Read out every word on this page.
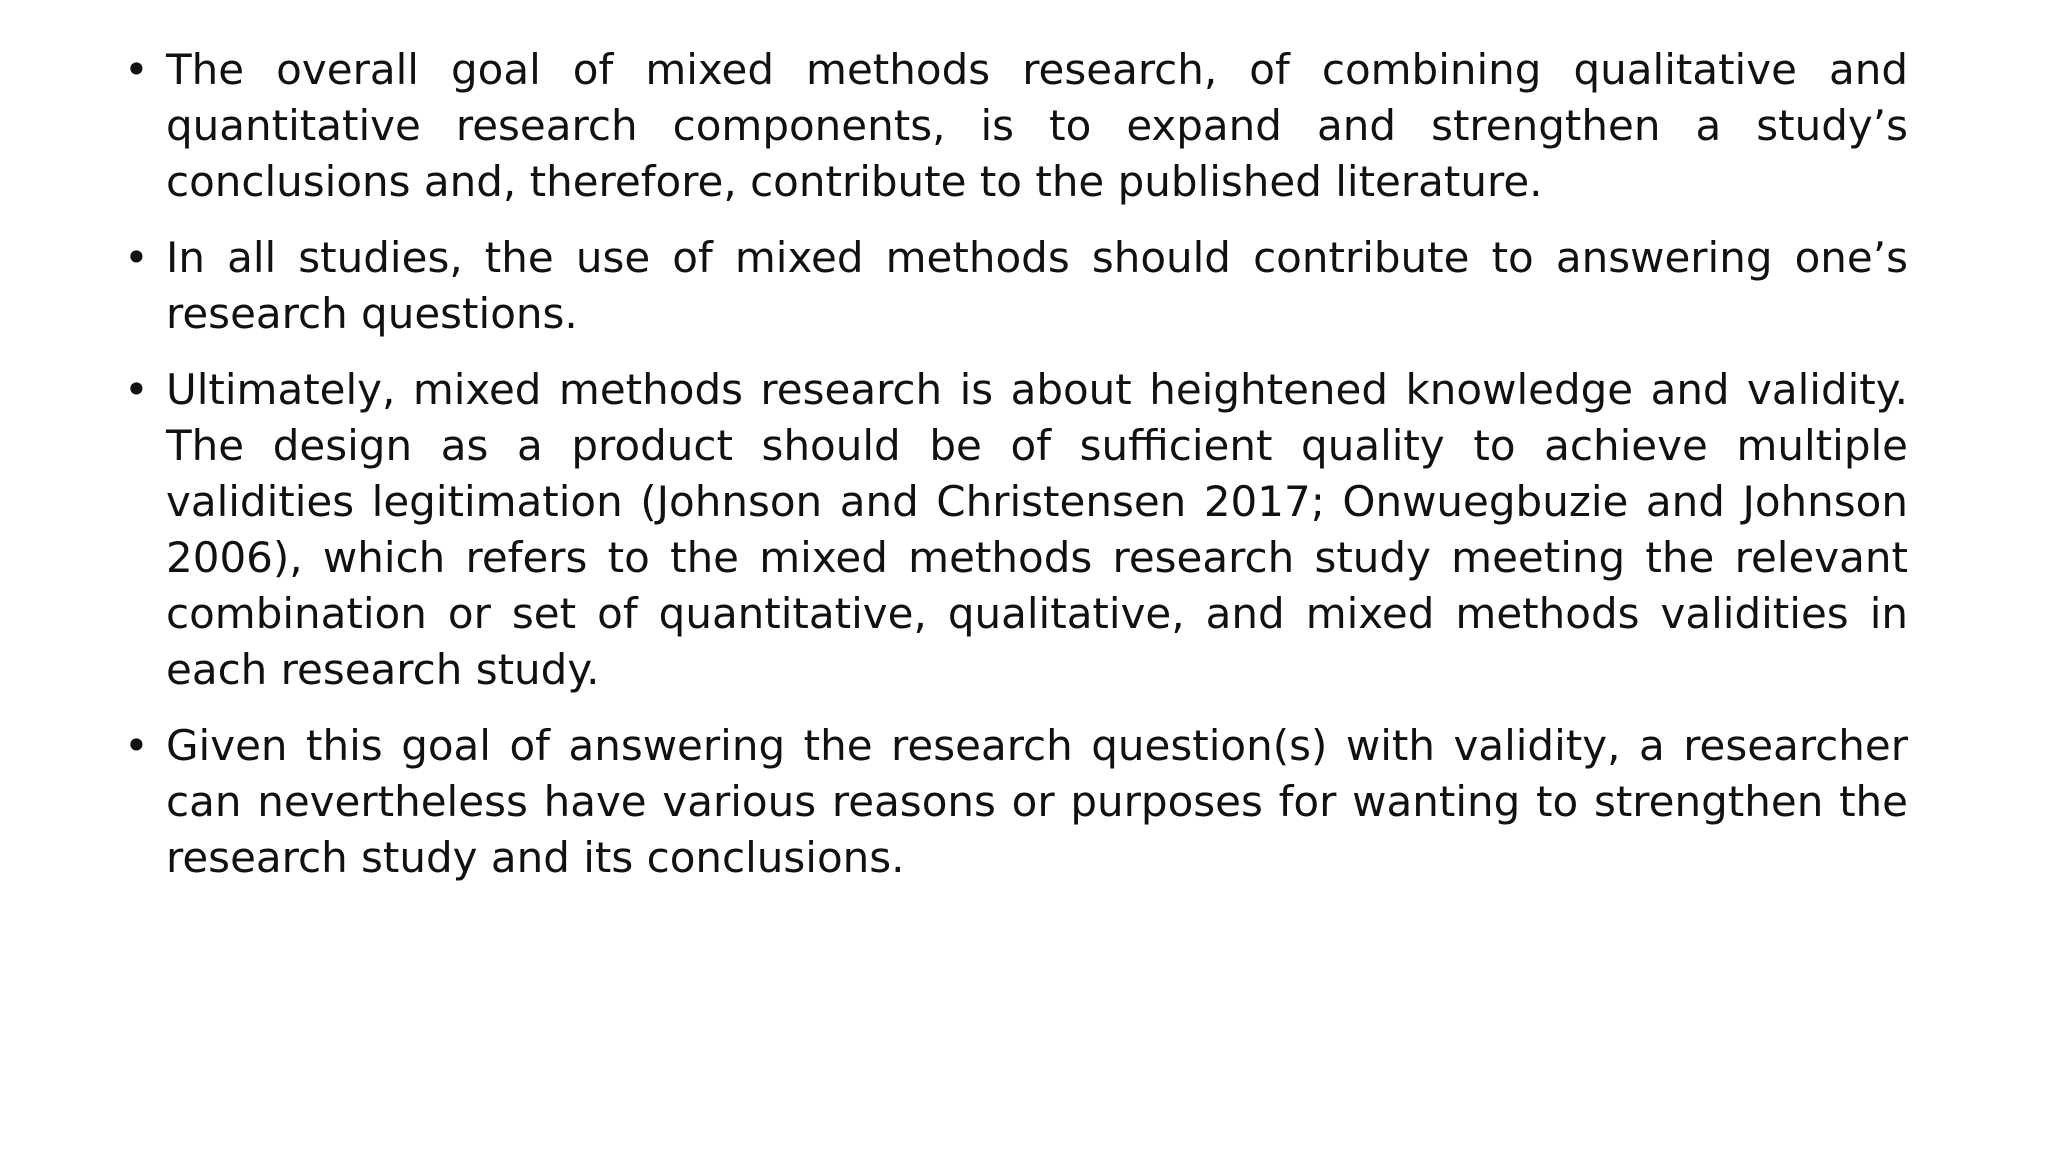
• The overall goal of mixed methods research, of combining qualitative and quantitative research components, is to expand and strengthen a study’s conclusions and, therefore, contribute to the published literature.
• In all studies, the use of mixed methods should contribute to answering one’s research questions.
• Ultimately, mixed methods research is about heightened knowledge and validity. The design as a product should be of sufficient quality to achieve multiple validities legitimation (Johnson and Christensen 2017; Onwuegbuzie and Johnson 2006), which refers to the mixed methods research study meeting the relevant combination or set of quantitative, qualitative, and mixed methods validities in each research study.
• Given this goal of answering the research question(s) with validity, a researcher can nevertheless have various reasons or purposes for wanting to strengthen the research study and its conclusions.
